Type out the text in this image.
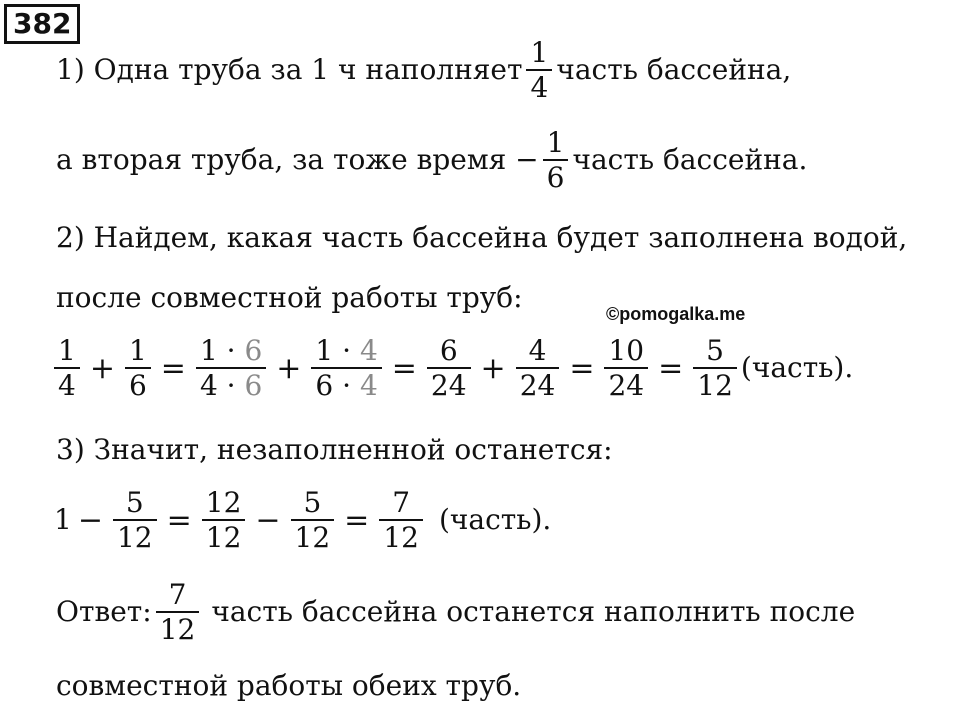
382
1) Одна труба за 1 ч наполняет $\frac{1}{4}$ часть бассейна,
а вторая труба, за тоже время − $\frac{1}{6}$ часть бассейна.
2) Найдем, какая часть бассейна будет заполнена водой,
после совместной работы труб:	©pomogalka.me
$\frac{1}{4} + \frac{1}{6} = \frac{1 \cdot 6}{4 \cdot 6} + \frac{1 \cdot 4}{6 \cdot 4} = \frac{6}{24} + \frac{4}{24} = \frac{10}{24} = \frac{5}{12}$ (часть).
3) Значит, незаполненной останется:
$1 - \frac{5}{12} = \frac{12}{12} - \frac{5}{12} = \frac{7}{12}$ (часть).
Ответ: $\frac{7}{12}$ часть бассейна останется наполнить после
совместной работы обеих труб.
